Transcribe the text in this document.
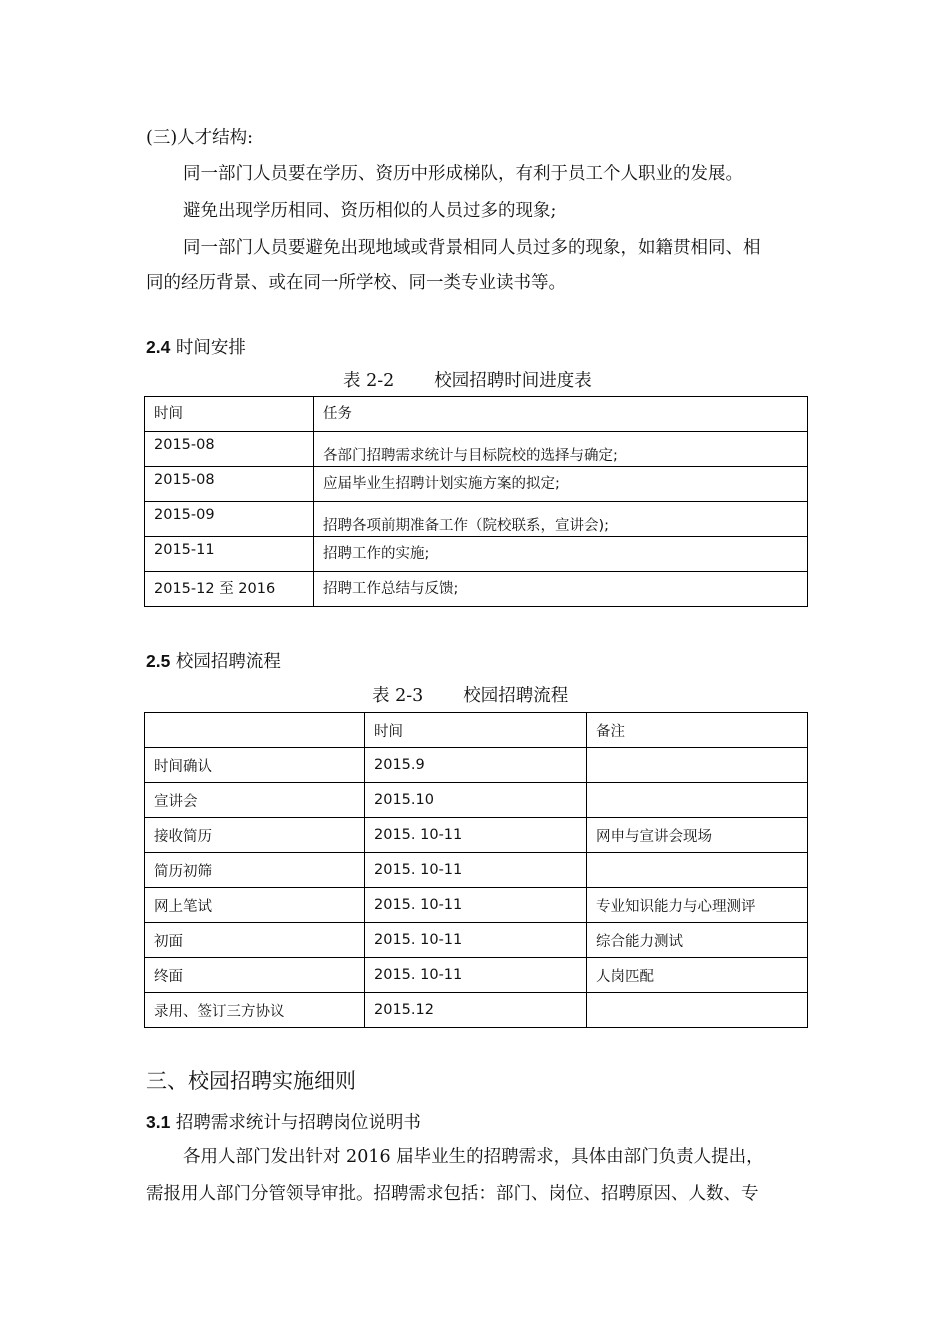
(三)人才结构:
同一部门人员要在学历、资历中形成梯队，有利于员工个人职业的发展。
避免出现学历相同、资历相似的人员过多的现象;
同一部门人员要避免出现地域或背景相同人员过多的现象，如籍贯相同、相
同的经历背景、或在同一所学校、同一类专业读书等。
2.4 时间安排
表 2-2 校园招聘时间进度表
时间	任务
2015-08	各部门招聘需求统计与目标院校的选择与确定;
2015-08	应届毕业生招聘计划实施方案的拟定;
2015-09	招聘各项前期准备工作（院校联系，宣讲会);
2015-11	招聘工作的实施;
2015-12 至 2016	招聘工作总结与反馈;
2.5 校园招聘流程
表 2-3 校园招聘流程
	时间	备注
时间确认	2015.9	
宣讲会	2015.10	
接收简历	2015. 10-11	网申与宣讲会现场
简历初筛	2015. 10-11	
网上笔试	2015. 10-11	专业知识能力与心理测评
初面	2015. 10-11	综合能力测试
终面	2015. 10-11	人岗匹配
录用、签订三方协议	2015.12	
三、校园招聘实施细则
3.1 招聘需求统计与招聘岗位说明书
各用人部门发出针对 2016 届毕业生的招聘需求，具体由部门负责人提出，
需报用人部门分管领导审批。招聘需求包括：部门、岗位、招聘原因、人数、专
